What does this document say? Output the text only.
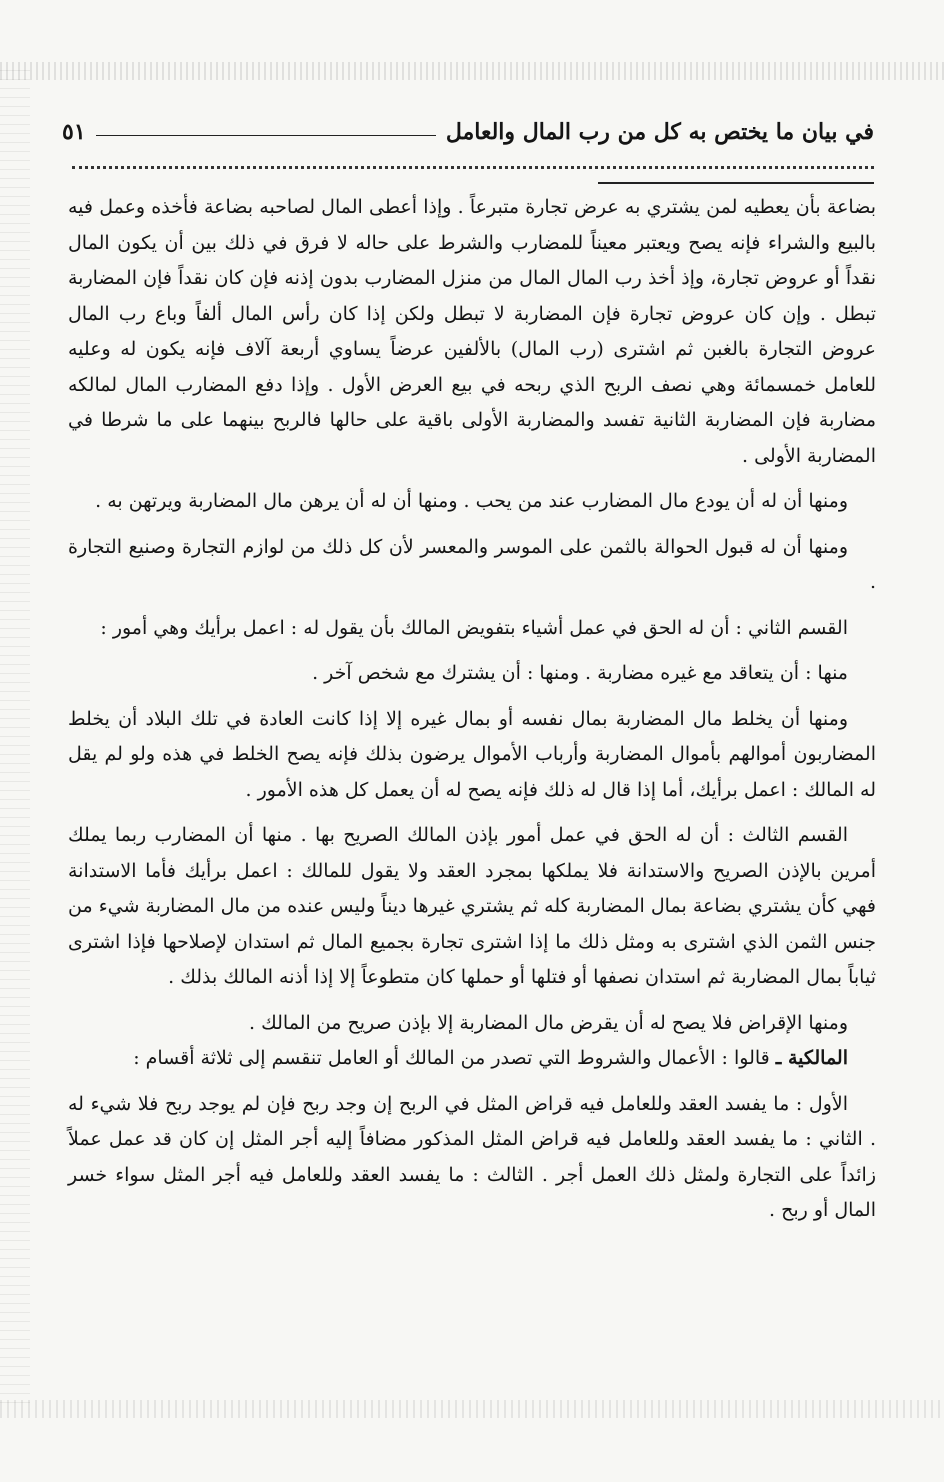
في بيان ما يختص به كل من رب المال والعامل
٥١

بضاعة بأن يعطيه لمن يشتري به عرض تجارة متبرعاً . وإذا أعطى المال لصاحبه بضاعة فأخذه وعمل فيه بالبيع والشراء فإنه يصح ويعتبر معيناً للمضارب والشرط على حاله لا فرق في ذلك بين أن يكون المال نقداً أو عروض تجارة، وإذ أخذ رب المال المال من منزل المضارب بدون إذنه فإن كان نقداً فإن المضاربة تبطل . وإن كان عروض تجارة فإن المضاربة لا تبطل ولكن إذا كان رأس المال ألفاً وباع رب المال عروض التجارة بالغبن ثم اشترى (رب المال) بالألفين عرضاً يساوي أربعة آلاف فإنه يكون له وعليه للعامل خمسمائة وهي نصف الربح الذي ربحه في بيع العرض الأول . وإذا دفع المضارب المال لمالكه مضاربة فإن المضاربة الثانية تفسد والمضاربة الأولى باقية على حالها فالربح بينهما على ما شرطا في المضاربة الأولى .

ومنها أن له أن يودع مال المضارب عند من يحب . ومنها أن له أن يرهن مال المضاربة ويرتهن به .

ومنها أن له قبول الحوالة بالثمن على الموسر والمعسر لأن كل ذلك من لوازم التجارة وصنيع التجارة .

القسم الثاني : أن له الحق في عمل أشياء بتفويض المالك بأن يقول له : اعمل برأيك وهي أمور :

منها : أن يتعاقد مع غيره مضاربة . ومنها : أن يشترك مع شخص آخر .

ومنها أن يخلط مال المضاربة بمال نفسه أو بمال غيره إلا إذا كانت العادة في تلك البلاد أن يخلط المضاربون أموالهم بأموال المضاربة وأرباب الأموال يرضون بذلك فإنه يصح الخلط في هذه ولو لم يقل له المالك : اعمل برأيك، أما إذا قال له ذلك فإنه يصح له أن يعمل كل هذه الأمور .

القسم الثالث : أن له الحق في عمل أمور بإذن المالك الصريح بها . منها أن المضارب ربما يملك أمرين بالإذن الصريح والاستدانة فلا يملكها بمجرد العقد ولا يقول للمالك : اعمل برأيك فأما الاستدانة فهي كأن يشتري بضاعة بمال المضاربة كله ثم يشتري غيرها ديناً وليس عنده من مال المضاربة شيء من جنس الثمن الذي اشترى به ومثل ذلك ما إذا اشترى تجارة بجميع المال ثم استدان لإصلاحها فإذا اشترى ثياباً بمال المضاربة ثم استدان نصفها أو فتلها أو حملها كان متطوعاً إلا إذا أذنه المالك بذلك .

ومنها الإقراض فلا يصح له أن يقرض مال المضاربة إلا بإذن صريح من المالك .

المالكية ـ قالوا : الأعمال والشروط التي تصدر من المالك أو العامل تنقسم إلى ثلاثة أقسام :

الأول : ما يفسد العقد وللعامل فيه قراض المثل في الربح إن وجد ربح فإن لم يوجد ربح فلا شيء له . الثاني : ما يفسد العقد وللعامل فيه قراض المثل المذكور مضافاً إليه أجر المثل إن كان قد عمل عملاً زائداً على التجارة ولمثل ذلك العمل أجر . الثالث : ما يفسد العقد وللعامل فيه أجر المثل سواء خسر المال أو ربح .
